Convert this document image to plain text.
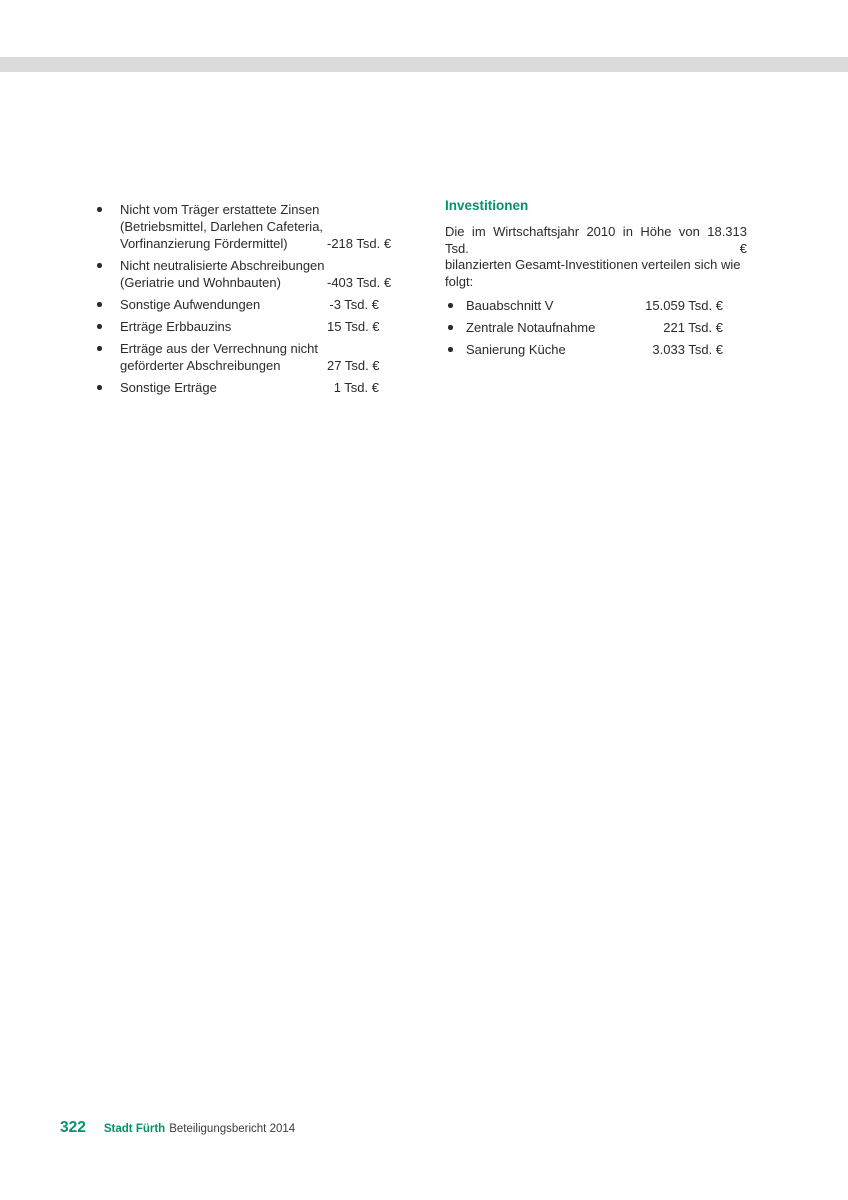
Nicht vom Träger erstattete Zinsen (Betriebsmittel, Darlehen Cafeteria, Vorfinanzierung Fördermittel)	-218 Tsd. €
Nicht neutralisierte Abschreibungen (Geriatrie und Wohnbauten)	-403 Tsd. €
Sonstige Aufwendungen	-3 Tsd. €
Erträge Erbbauzins	15 Tsd. €
Erträge aus der Verrechnung nicht geförderter Abschreibungen	27 Tsd. €
Sonstige Erträge	1 Tsd. €
Investitionen
Die im Wirtschaftsjahr 2010 in Höhe von 18.313 Tsd. €
bilanzierten Gesamt-Investitionen verteilen sich wie folgt:
Bauabschnitt V	15.059 Tsd. €
Zentrale Notaufnahme	221 Tsd. €
Sanierung Küche	3.033 Tsd. €
322 Stadt Fürth Beteiligungsbericht 2014
